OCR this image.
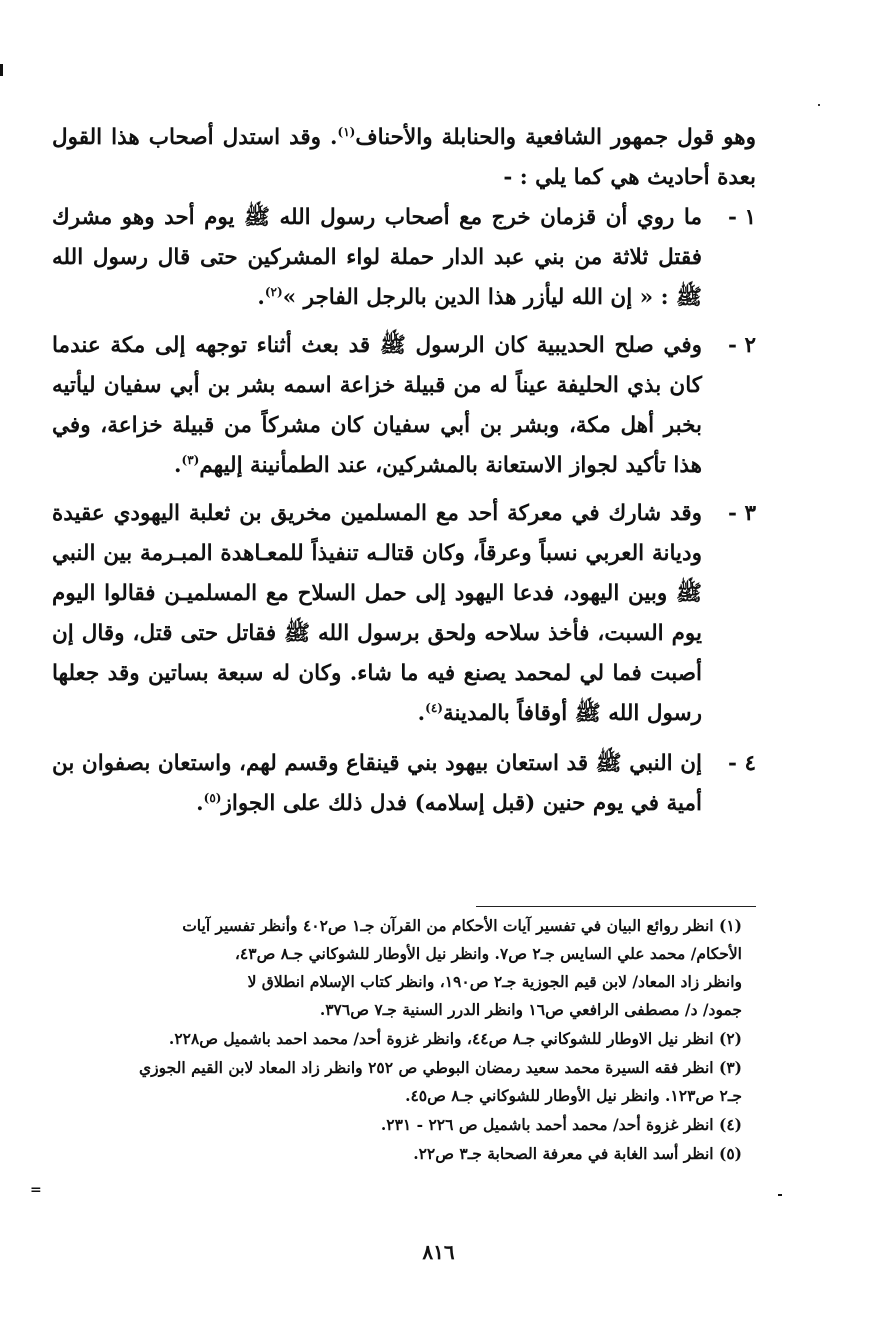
=

وهو قول جمهور الشافعية والحنابلة والأحناف$^{(١)}$. وقد استدل أصحاب هذا القول بعدة أحاديث هي كما يلي : -

١ -
ما روي أن قزمان خرج مع أصحاب رسول الله ﷺ يوم أحد وهو مشرك فقتل ثلاثة من بني عبد الدار حملة لواء المشركين حتى قال رسول الله ﷺ : « إن الله ليأزر هذا الدين بالرجل الفاجر »$^{(٢)}$.

٢ -
وفي صلح الحديبية كان الرسول ﷺ قد بعث أثناء توجهه إلى مكة عندما كان بذي الحليفة عيناً له من قبيلة خزاعة اسمه بشر بن أبي سفيان ليأتيه بخبر أهل مكة، وبشر بن أبي سفيان كان مشركاً من قبيلة خزاعة، وفي هذا تأكيد لجواز الاستعانة بالمشركين، عند الطمأنينة إليهم$^{(٣)}$.

٣ -
وقد شارك في معركة أحد مع المسلمين مخريق بن ثعلبة اليهودي عقيدة وديانة العربي نسباً وعرقاً، وكان قتالـه تنفيذاً للمعـاهدة المبـرمة بين النبي ﷺ وبين اليهود، فدعا اليهود إلى حمل السلاح مع المسلميـن فقالوا اليوم يوم السبت، فأخذ سلاحه ولحق برسول الله ﷺ فقاتل حتى قتل، وقال إن أصبت فما لي لمحمد يصنع فيه ما شاء. وكان له سبعة بساتين وقد جعلها رسول الله ﷺ أوقافاً بالمدينة$^{(٤)}$.

٤ -
إن النبي ﷺ قد استعان بيهود بني قينقاع وقسم لهم، واستعان بصفوان بن أمية في يوم حنين (قبل إسلامه) فدل ذلك على الجواز$^{(٥)}$.

(١) انظر روائع البيان في تفسير آيات الأحكام من القرآن جـ١ ص٤٠٢ وأنظر تفسير آيات
الأحكام/ محمد علي السايس جـ٢ ص٧. وانظر نيل الأوطار للشوكاني جـ٨ ص٤٣،
وانظر زاد المعاد/ لابن قيم الجوزية جـ٢ ص١٩٠، وانظر كتاب الإسلام انطلاق لا
جمود/ د/ مصطفى الرافعي ص١٦ وانظر الدرر السنية جـ٧ ص٣٧٦.

(٢) انظر نيل الاوطار للشوكاني جـ٨ ص٤٤، وانظر غزوة أحد/ محمد احمد باشميل ص٢٢٨.

(٣) انظر فقه السيرة محمد سعيد رمضان البوطي ص ٢٥٢ وانظر زاد المعاد لابن القيم الجوزي
جـ٢ ص١٢٣. وانظر نيل الأوطار للشوكاني جـ٨ ص٤٥.

(٤) انظر غزوة أحد/ محمد أحمد باشميل ص ٢٢٦ - ٢٣١.

(٥) انظر أسد الغابة في معرفة الصحابة جـ٣ ص٢٢.

٨١٦
